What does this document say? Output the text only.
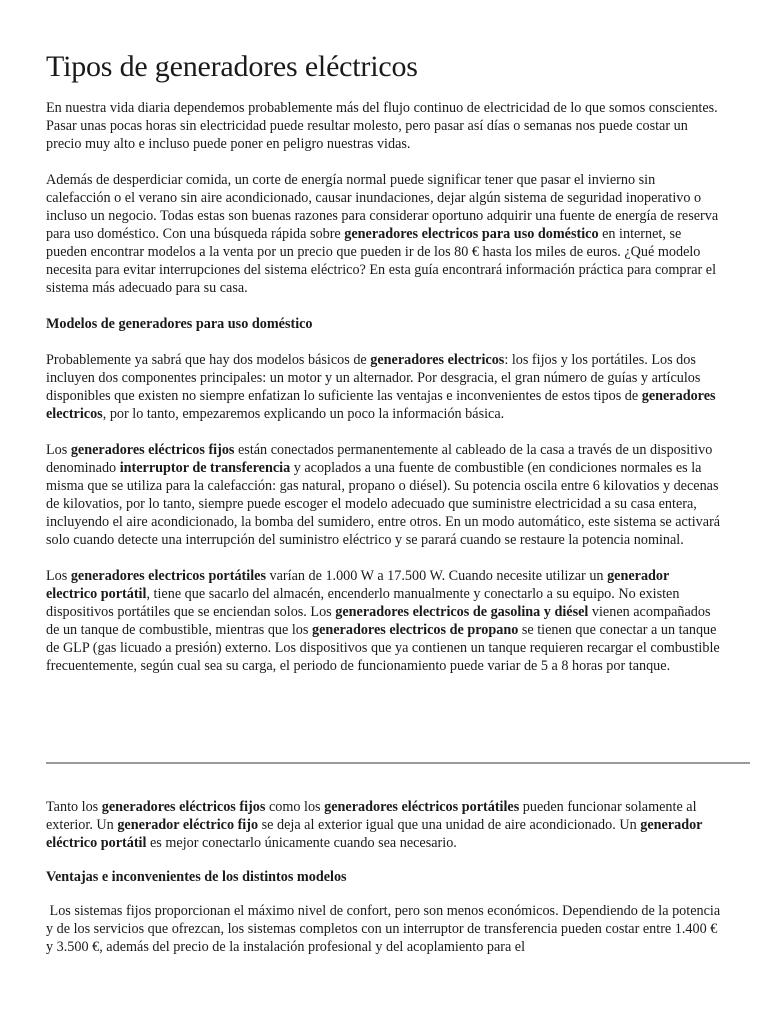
Tipos de generadores eléctricos

En nuestra vida diaria dependemos probablemente más del flujo continuo de electricidad de lo que somos conscientes. Pasar unas pocas horas sin electricidad puede resultar molesto, pero pasar así días o semanas nos puede costar un precio muy alto e incluso puede poner en peligro nuestras vidas.

Además de desperdiciar comida, un corte de energía normal puede significar tener que pasar el invierno sin calefacción o el verano sin aire acondicionado, causar inundaciones, dejar algún sistema de seguridad inoperativo o incluso un negocio. Todas estas son buenas razones para considerar oportuno adquirir una fuente de energía de reserva para uso doméstico. Con una búsqueda rápida sobre generadores electricos para uso doméstico en internet, se pueden encontrar modelos a la venta por un precio que pueden ir de los 80 € hasta los miles de euros. ¿Qué modelo necesita para evitar interrupciones del sistema eléctrico? En esta guía encontrará información práctica para comprar el sistema más adecuado para su casa.

Modelos de generadores para uso doméstico

Probablemente ya sabrá que hay dos modelos básicos de generadores electricos: los fijos y los portátiles. Los dos incluyen dos componentes principales: un motor y un alternador. Por desgracia, el gran número de guías y artículos disponibles que existen no siempre enfatizan lo suficiente las ventajas e inconvenientes de estos tipos de generadores electricos, por lo tanto, empezaremos explicando un poco la información básica.

Los generadores eléctricos fijos están conectados permanentemente al cableado de la casa a través de un dispositivo denominado interruptor de transferencia y acoplados a una fuente de combustible (en condiciones normales es la misma que se utiliza para la calefacción: gas natural, propano o diésel). Su potencia oscila entre 6 kilovatios y decenas de kilovatios, por lo tanto, siempre puede escoger el modelo adecuado que suministre electricidad a su casa entera, incluyendo el aire acondicionado, la bomba del sumidero, entre otros. En un modo automático, este sistema se activará solo cuando detecte una interrupción del suministro eléctrico y se parará cuando se restaure la potencia nominal.

Los generadores electricos portátiles varían de 1.000 W a 17.500 W. Cuando necesite utilizar un generador electrico portátil, tiene que sacarlo del almacén, encenderlo manualmente y conectarlo a su equipo. No existen dispositivos portátiles que se enciendan solos. Los generadores electricos de gasolina y diésel vienen acompañados de un tanque de combustible, mientras que los generadores electricos de propano se tienen que conectar a un tanque de GLP (gas licuado a presión) externo. Los dispositivos que ya contienen un tanque requieren recargar el combustible frecuentemente, según cual sea su carga, el periodo de funcionamiento puede variar de 5 a 8 horas por tanque.

Tanto los generadores eléctricos fijos como los generadores eléctricos portátiles pueden funcionar solamente al exterior. Un generador eléctrico fijo se deja al exterior igual que una unidad de aire acondicionado. Un generador eléctrico portátil es mejor conectarlo únicamente cuando sea necesario.

Ventajas e inconvenientes de los distintos modelos

Los sistemas fijos proporcionan el máximo nivel de confort, pero son menos económicos. Dependiendo de la potencia y de los servicios que ofrezcan, los sistemas completos con un interruptor de transferencia pueden costar entre 1.400 € y 3.500 €, además del precio de la instalación profesional y del acoplamiento para el
